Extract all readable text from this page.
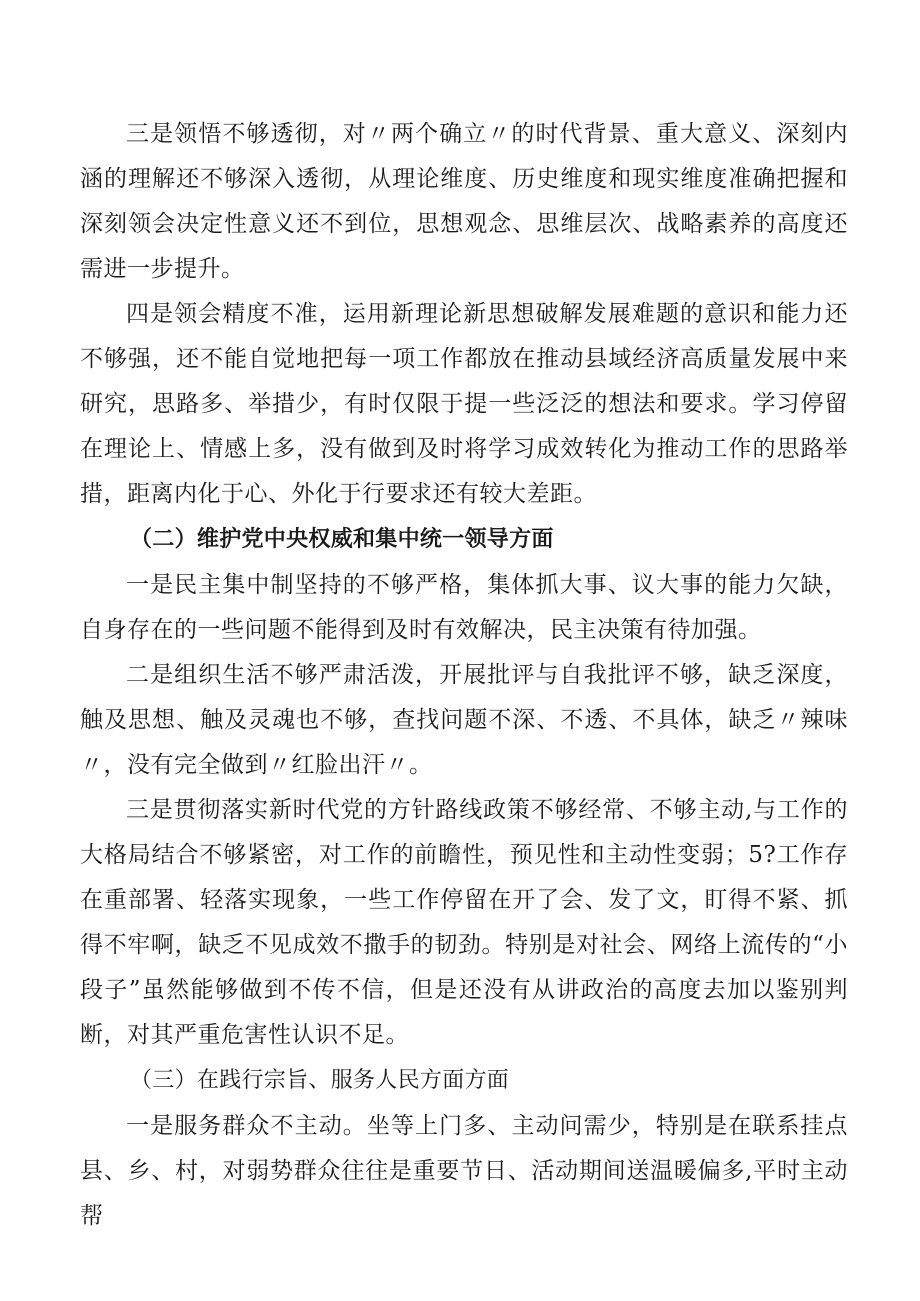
三是领悟不够透彻，对〃两个确立〃的时代背景、重大意义、深刻内涵的理解还不够深入透彻，从理论维度、历史维度和现实维度准确把握和深刻领会决定性意义还不到位，思想观念、思维层次、战略素养的高度还需进一步提升。

四是领会精度不准，运用新理论新思想破解发展难题的意识和能力还不够强，还不能自觉地把每一项工作都放在推动县域经济高质量发展中来研究，思路多、举措少，有时仅限于提一些泛泛的想法和要求。学习停留在理论上、情感上多，没有做到及时将学习成效转化为推动工作的思路举措，距离内化于心、外化于行要求还有较大差距。

（二）维护党中央权威和集中统一领导方面

一是民主集中制坚持的不够严格，集体抓大事、议大事的能力欠缺，自身存在的一些问题不能得到及时有效解决，民主决策有待加强。

二是组织生活不够严肃活泼，开展批评与自我批评不够，缺乏深度，触及思想、触及灵魂也不够，查找问题不深、不透、不具体，缺乏〃辣味〃，没有完全做到〃红脸出汗〃。

三是贯彻落实新时代党的方针路线政策不够经常、不够主动,与工作的大格局结合不够紧密，对工作的前瞻性，预见性和主动性变弱；5?工作存在重部署、轻落实现象，一些工作停留在开了会、发了文，盯得不紧、抓得不牢啊，缺乏不见成效不撒手的韧劲。特别是对社会、网络上流传的“小段子”虽然能够做到不传不信，但是还没有从讲政治的高度去加以鉴别判断，对其严重危害性认识不足。

（三）在践行宗旨、服务人民方面方面

一是服务群众不主动。坐等上门多、主动问需少，特别是在联系挂点县、乡、村，对弱势群众往往是重要节日、活动期间送温暖偏多,平时主动帮
